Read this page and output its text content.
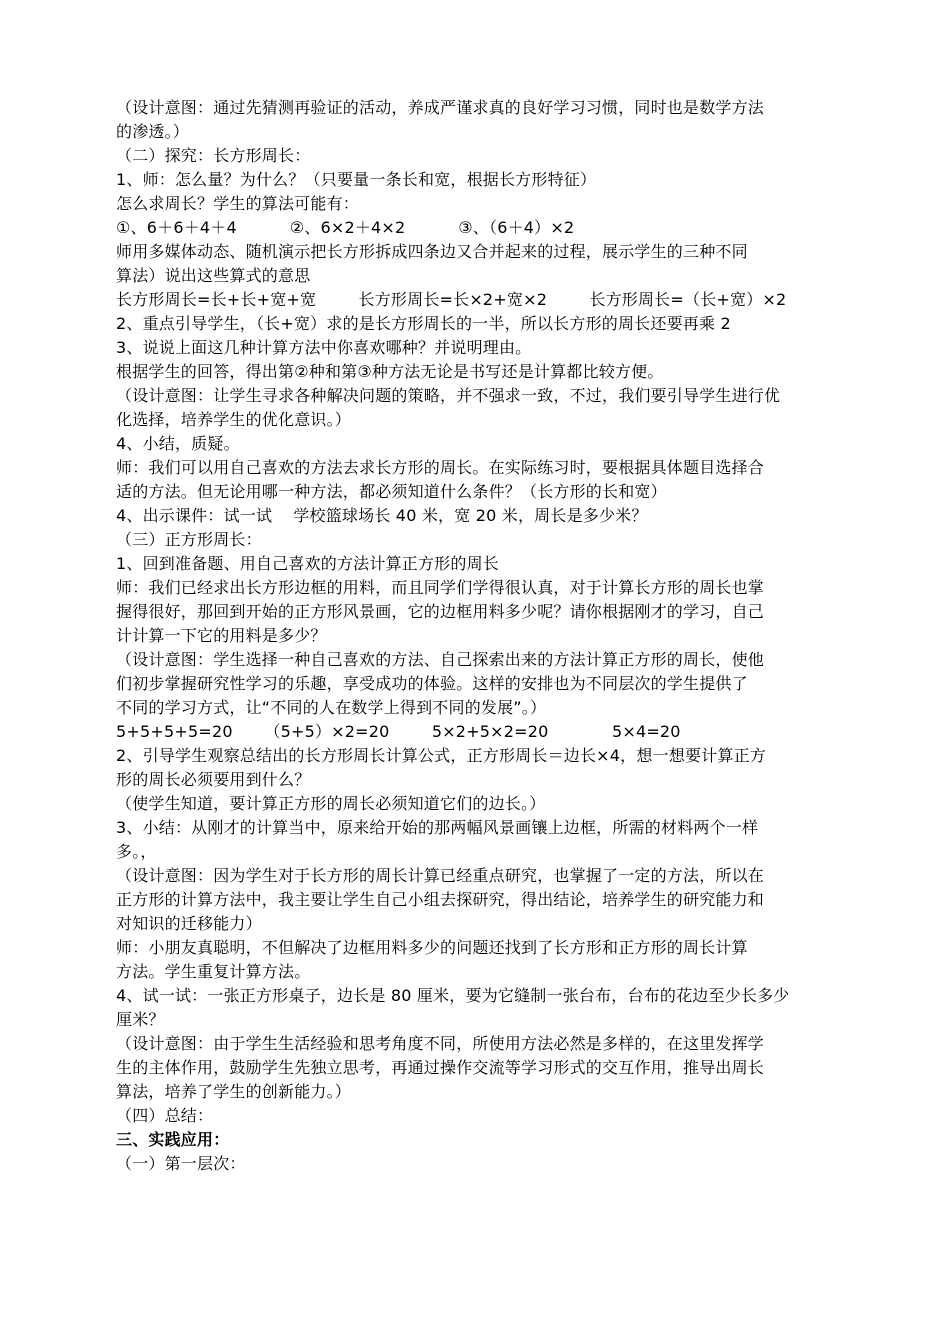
（设计意图：通过先猜测再验证的活动，养成严谨求真的良好学习习惯，同时也是数学方法
的渗透。）
（二）探究：长方形周长：
1、师：怎么量？为什么？（只要量一条长和宽，根据长方形特征）
怎么求周长？学生的算法可能有：
①、6＋6＋4＋4          ②、6×2＋4×2          ③、（6＋4）×2
师用多媒体动态、随机演示把长方形拆成四条边又合并起来的过程，展示学生的三种不同
算法）说出这些算式的意思
长方形周长=长+长+宽+宽        长方形周长=长×2+宽×2        长方形周长=（长+宽）×2
2、重点引导学生，（长+宽）求的是长方形周长的一半，所以长方形的周长还要再乘 2
3、说说上面这几种计算方法中你喜欢哪种？并说明理由。
根据学生的回答，得出第②种和第③种方法无论是书写还是计算都比较方便。
（设计意图：让学生寻求各种解决问题的策略，并不强求一致，不过，我们要引导学生进行优
化选择，培养学生的优化意识。）
4、小结，质疑。
师：我们可以用自己喜欢的方法去求长方形的周长。在实际练习时，要根据具体题目选择合
适的方法。但无论用哪一种方法，都必须知道什么条件？（长方形的长和宽）
4、出示课件：试一试    学校篮球场长 40 米，宽 20 米，周长是多少米？
（三）正方形周长：
1、回到准备题、用自己喜欢的方法计算正方形的周长
师：我们已经求出长方形边框的用料，而且同学们学得很认真，对于计算长方形的周长也掌
握得很好，那回到开始的正方形风景画，它的边框用料多少呢？请你根据刚才的学习，自己
计计算一下它的用料是多少？
（设计意图：学生选择一种自己喜欢的方法、自己探索出来的方法计算正方形的周长，使他
们初步掌握研究性学习的乐趣，享受成功的体验。这样的安排也为不同层次的学生提供了
不同的学习方式，让“不同的人在数学上得到不同的发展”。）
5+5+5+5=20      （5+5）×2=20        5×2+5×2=20            5×4=20
2、引导学生观察总结出的长方形周长计算公式，正方形周长＝边长×4，想一想要计算正方
形的周长必须要用到什么？
（使学生知道，要计算正方形的周长必须知道它们的边长。）
3、小结：从刚才的计算当中，原来给开始的那两幅风景画镶上边框，所需的材料两个一样
多。，
（设计意图：因为学生对于长方形的周长计算已经重点研究，也掌握了一定的方法，所以在
正方形的计算方法中，我主要让学生自己小组去探研究，得出结论，培养学生的研究能力和
对知识的迁移能力）
师：小朋友真聪明，不但解决了边框用料多少的问题还找到了长方形和正方形的周长计算
方法。学生重复计算方法。
4、试一试：一张正方形桌子，边长是 80 厘米，要为它缝制一张台布，台布的花边至少长多少
厘米？
（设计意图：由于学生生活经验和思考角度不同，所使用方法必然是多样的，在这里发挥学
生的主体作用，鼓励学生先独立思考，再通过操作交流等学习形式的交互作用，推导出周长
算法，培养了学生的创新能力。）
（四）总结：
三、实践应用：
（一）第一层次：
